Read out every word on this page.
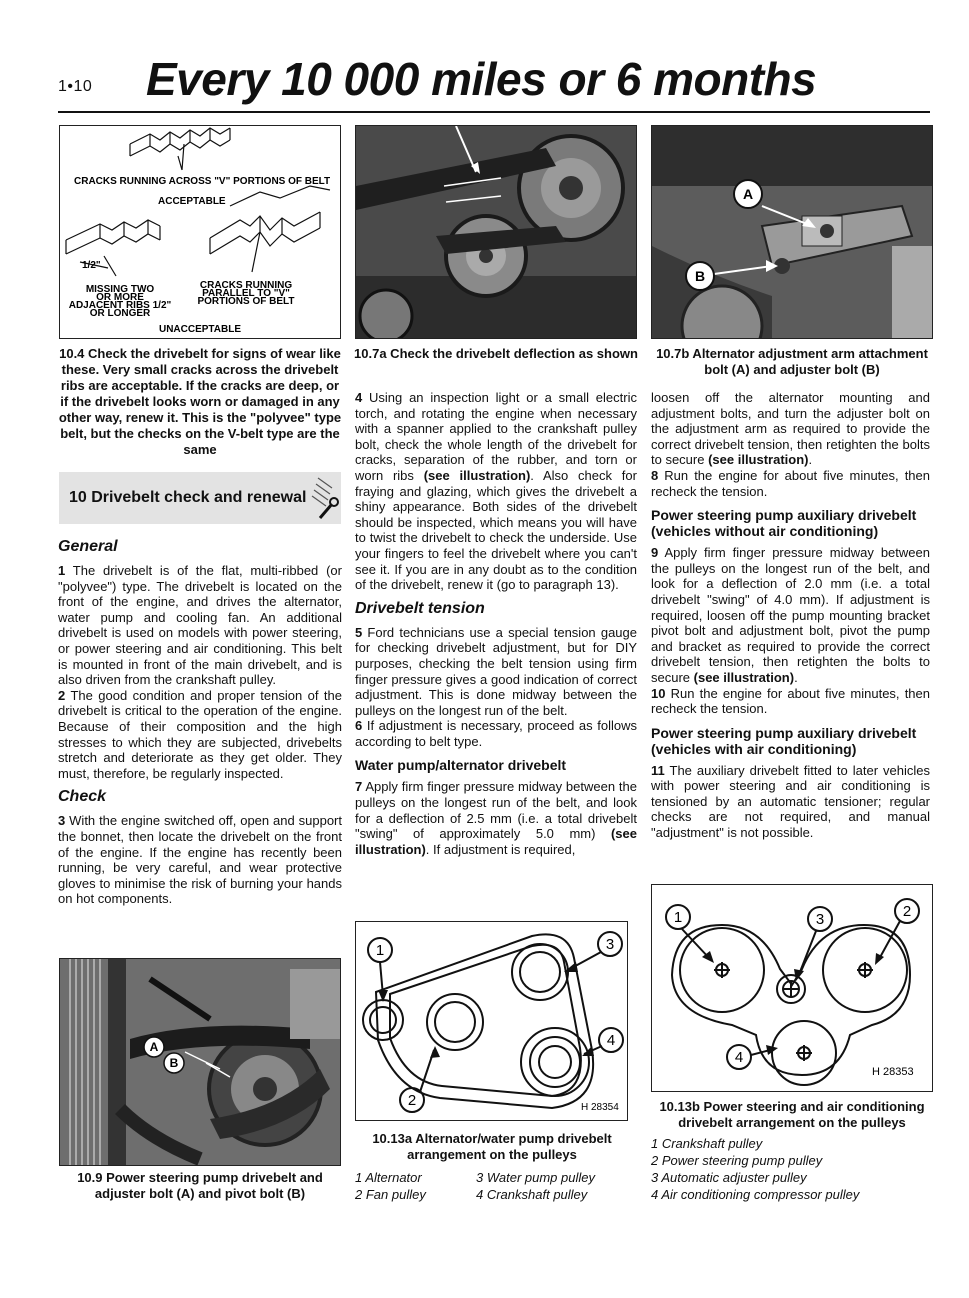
1•10 Every 10 000 miles or 6 months
CRACKS RUNNING ACROSS "V" PORTIONS OF BELT
ACCEPTABLE
1/2"
MISSING TWO
OR MORE
ADJACENT RIBS 1/2"
OR LONGER
CRACKS RUNNING
PARALLEL TO "V"
PORTIONS OF BELT
UNACCEPTABLE
10.4 Check the drivebelt for signs of wear like these. Very small cracks across the drivebelt ribs are acceptable. If the cracks are deep, or if the drivebelt looks worn or damaged in any other way, renew it. This is the "polyvee" type belt, but the checks on the V-belt type are the same
10 Drivebelt check and renewal
General

1 The drivebelt is of the flat, multi-ribbed (or "polyvee") type. The drivebelt is located on the front of the engine, and drives the alternator, water pump and cooling fan. An additional drivebelt is used on models with power steering, or power steering and air conditioning. This belt is mounted in front of the main drivebelt, and is also driven from the crankshaft pulley.

2 The good condition and proper tension of the drivebelt is critical to the operation of the engine. Because of their composition and the high stresses to which they are subjected, drivebelts stretch and deteriorate as they get older. They must, therefore, be regularly inspected.

Check

3 With the engine switched off, open and support the bonnet, then locate the drivebelt on the front of the engine. If the engine has recently been running, be very careful, and wear protective gloves to minimise the risk of burning your hands on hot components.

A
B
10.9 Power steering pump drivebelt and adjuster bolt (A) and pivot bolt (B)
10.7a Check the drivebelt deflection as shown

4 Using an inspection light or a small electric torch, and rotating the engine when necessary with a spanner applied to the crankshaft pulley bolt, check the whole length of the drivebelt for cracks, separation of the rubber, and torn or worn ribs (see illustration). Also check for fraying and glazing, which gives the drivebelt a shiny appearance. Both sides of the drivebelt should be inspected, which means you will have to twist the drivebelt to check the underside. Use your fingers to feel the drivebelt where you can't see it. If you are in any doubt as to the condition of the drivebelt, renew it (go to paragraph 13).

Drivebelt tension

5 Ford technicians use a special tension gauge for checking drivebelt adjustment, but for DIY purposes, checking the belt tension using firm finger pressure gives a good indication of correct adjustment. This is done midway between the pulleys on the longest run of the belt.

6 If adjustment is necessary, proceed as follows according to belt type.

Water pump/alternator drivebelt

7 Apply firm finger pressure midway between the pulleys on the longest run of the belt, and look for a deflection of 2.5 mm (i.e. a total drivebelt "swing" of approximately 5.0 mm) (see illustration). If adjustment is required,

1
2
3
4
H 28354
10.13a Alternator/water pump drivebelt arrangement on the pulleys
1 Alternator
2 Fan pulley
3 Water pump pulley
4 Crankshaft pulley
A
B
10.7b Alternator adjustment arm attachment bolt (A) and adjuster bolt (B)

loosen off the alternator mounting and adjustment bolts, and turn the adjuster bolt on the adjustment arm as required to provide the correct drivebelt tension, then retighten the bolts to secure (see illustration).

8 Run the engine for about five minutes, then recheck the tension.

Power steering pump auxiliary drivebelt (vehicles without air conditioning)

9 Apply firm finger pressure midway between the pulleys on the longest run of the belt, and look for a deflection of 2.0 mm (i.e. a total drivebelt "swing" of 4.0 mm). If adjustment is required, loosen off the pump mounting bracket pivot bolt and adjustment bolt, pivot the pump and bracket as required to provide the correct drivebelt tension, then retighten the bolts to secure (see illustration).

10 Run the engine for about five minutes, then recheck the tension.

Power steering pump auxiliary drivebelt (vehicles with air conditioning)

11 The auxiliary drivebelt fitted to later vehicles with power steering and air conditioning is tensioned by an automatic tensioner; regular checks are not required, and manual "adjustment" is not possible.

1	2
3
4
H 28353
10.13b Power steering and air conditioning drivebelt arrangement on the pulleys
1 Crankshaft pulley
2 Power steering pump pulley
3 Automatic adjuster pulley
4 Air conditioning compressor pulley
